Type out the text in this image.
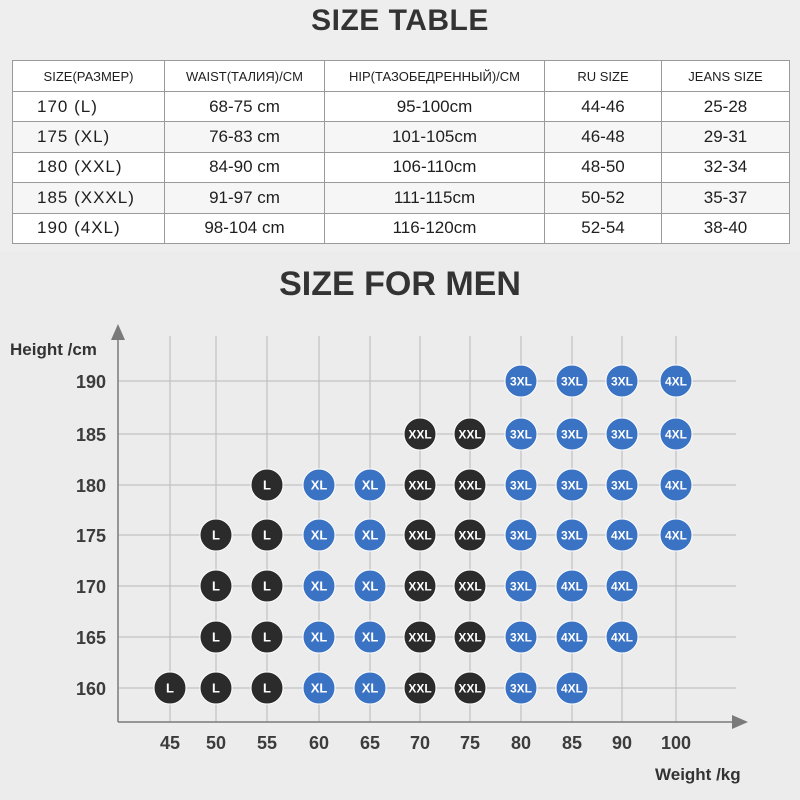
SIZE TABLE
SIZE(РАЗМЕР)	WAIST(ТАЛИЯ)/CM	HIP(ТАЗОБЕДРЕННЫЙ)/CM	RU SIZE	JEANS SIZE
170 (L)	68-75 cm	95-100cm	44-46	25-28
175 (XL)	76-83 cm	101-105cm	46-48	29-31
180 (XXL)	84-90 cm	106-110cm	48-50	32-34
185 (XXXL)	91-97 cm	111-115cm	50-52	35-37
190 (4XL)	98-104 cm	116-120cm	52-54	38-40
SIZE FOR MEN
45 50 55 60 65 70 75 80 85 90 100
160
165
170
175
180
185
190
Height /cm
Weight /kg
L	L	L	XL	XL	XXL XXL 3XL 4XL
L	L	XL	XL	XXL XXL 3XL 4XL 4XL
L	L	XL	XL	XXL XXL 3XL 4XL 4XL
L	L	XL	XL	XXL XXL 3XL 3XL 4XL	4XL
L	XL	XL	XXL XXL 3XL 3XL 3XL	4XL
XXL XXL 3XL 3XL 3XL	4XL
3XL 3XL 3XL	4XL
